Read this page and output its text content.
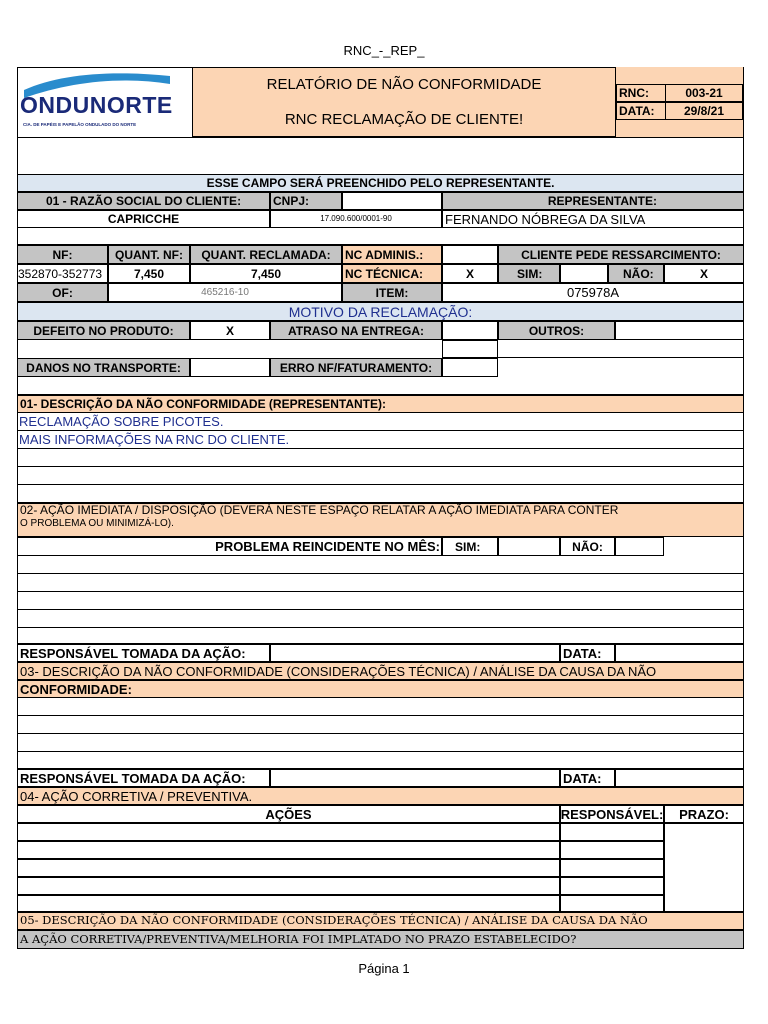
RNC_-_REP_
ONDUNORTE
CIA. DE PAPÉIS E PAPELÃO ONDULADO DO NORTE
RELATÓRIO DE NÃO CONFORMIDADE
RNC RECLAMAÇÃO DE CLIENTE!
RNC:	003-21
DATA:	29/8/21
ESSE CAMPO SERÁ PREENCHIDO PELO REPRESENTANTE.
01 - RAZÃO SOCIAL DO CLIENTE:	CNPJ:	REPRESENTANTE:
CAPRICCHE	17.090.600/0001-90	FERNANDO NÓBREGA DA SILVA
NF:	QUANT. NF:	QUANT. RECLAMADA:	NC ADMINIS.:	CLIENTE PEDE RESSARCIMENTO:
352870-352773	7,450	7,450	NC TÉCNICA:	X	SIM:	NÃO:	X
OF:	465216-10	ITEM:	075978A
MOTIVO DA RECLAMAÇÃO:
DEFEITO NO PRODUTO:	X	ATRASO NA ENTREGA:	OUTROS:
DANOS NO TRANSPORTE:	ERRO NF/FATURAMENTO:
01- DESCRIÇÃO DA NÃO CONFORMIDADE (REPRESENTANTE):
RECLAMAÇÃO SOBRE PICOTES.
MAIS INFORMAÇÕES NA RNC DO CLIENTE.
02- AÇÃO IMEDIATA / DISPOSIÇÃO (DEVERÁ NESTE ESPAÇO RELATAR A AÇÃO IMEDIATA PARA CONTER
O PROBLEMA OU MINIMIZÁ-LO).
PROBLEMA REINCIDENTE NO MÊS:	SIM:	NÃO:
RESPONSÁVEL TOMADA DA AÇÃO:	DATA:
03- DESCRIÇÃO DA NÃO CONFORMIDADE (CONSIDERAÇÕES TÉCNICA) / ANÁLISE DA CAUSA DA NÃO
CONFORMIDADE:
RESPONSÁVEL TOMADA DA AÇÃO:	DATA:
04- AÇÃO CORRETIVA / PREVENTIVA.
AÇÕES	RESPONSÁVEL:	PRAZO:
05- DESCRIÇÃO DA NÃO CONFORMIDADE (CONSIDERAÇÕES TÉCNICA) / ANÁLISE DA CAUSA DA NÃO
A AÇÃO CORRETIVA/PREVENTIVA/MELHORIA FOI IMPLATADO NO PRAZO ESTABELECIDO?
Página 1
